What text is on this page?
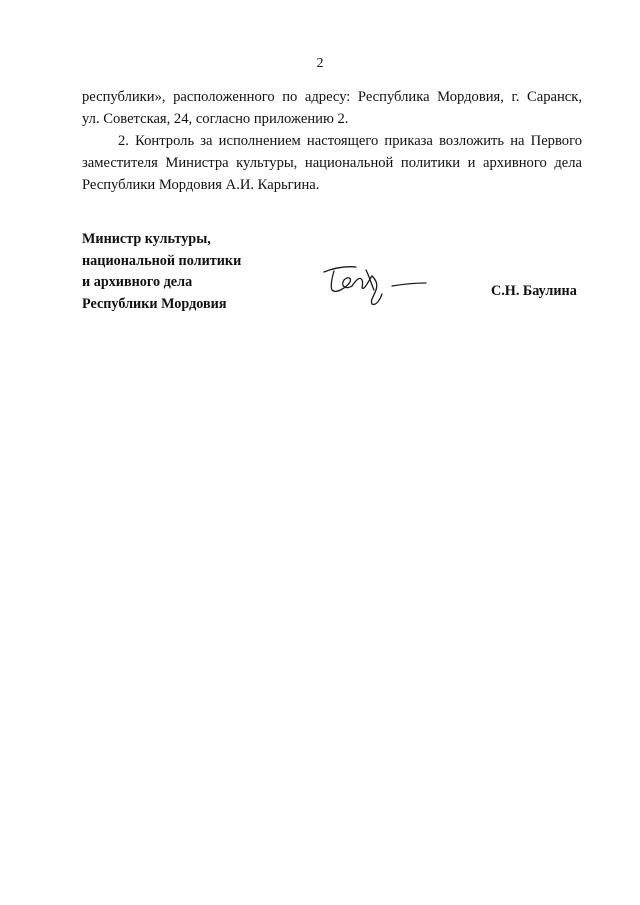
2
республики», расположенного по адресу: Республика Мордовия, г. Саранск,
ул. Советская, 24, согласно приложению 2.
2. Контроль за исполнением настоящего приказа возложить на Первого
заместителя Министра культуры, национальной политики и архивного дела
Республики Мордовия А.И. Карьгина.
Министр культуры,
национальной политики
и архивного дела
Республики Мордовия
С.Н. Баулина
